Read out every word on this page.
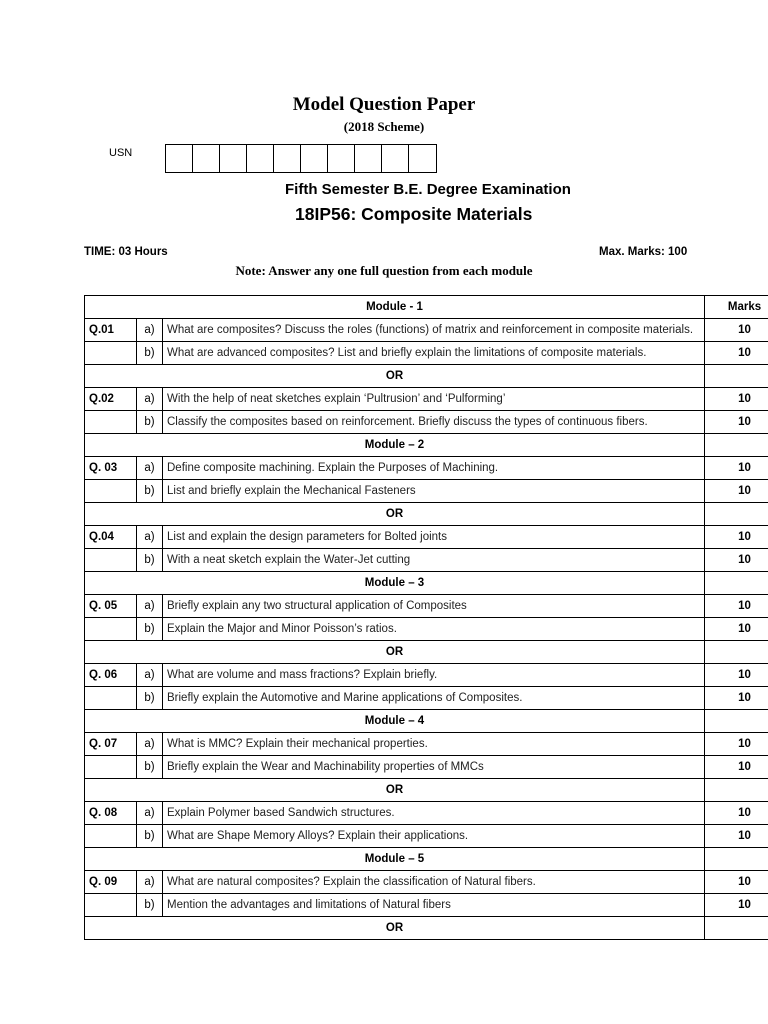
Model Question Paper
(2018 Scheme)
USN
Fifth Semester B.E. Degree Examination
18IP56: Composite Materials
TIME: 03 Hours	Max. Marks: 100
Note: Answer any one full question from each module
Module - 1			Marks
Q.01	a)	What are composites? Discuss the roles (functions) of matrix and reinforcement in composite materials.	10
	b)	What are advanced composites? List and briefly explain the limitations of composite materials.	10
OR			
Q.02	a)	With the help of neat sketches explain ‘Pultrusion’ and ‘Pulforming’	10
	b)	Classify the composites based on reinforcement. Briefly discuss the types of continuous fibers.	10
Module – 2			
Q. 03	a)	Define composite machining. Explain the Purposes of Machining.	10
	b)	List and briefly explain the Mechanical Fasteners	10
OR			
Q.04	a)	List and explain the design parameters for Bolted joints	10
	b)	With a neat sketch explain the Water-Jet cutting	10
Module – 3			
Q. 05	a)	Briefly explain any two structural application of Composites	10
	b)	Explain the Major and Minor Poisson’s ratios.	10
OR			
Q. 06	a)	What are volume and mass fractions? Explain briefly.	10
	b)	Briefly explain the Automotive and Marine applications of Composites.	10
Module – 4			
Q. 07	a)	What is MMC? Explain their mechanical properties.	10
	b)	Briefly explain the Wear and Machinability properties of MMCs	10
OR			
Q. 08	a)	Explain Polymer based Sandwich structures.	10
	b)	What are Shape Memory Alloys? Explain their applications.	10
Module – 5			
Q. 09	a)	What are natural composites? Explain the classification of Natural fibers.	10
	b)	Mention the advantages and limitations of Natural fibers	10
OR			
